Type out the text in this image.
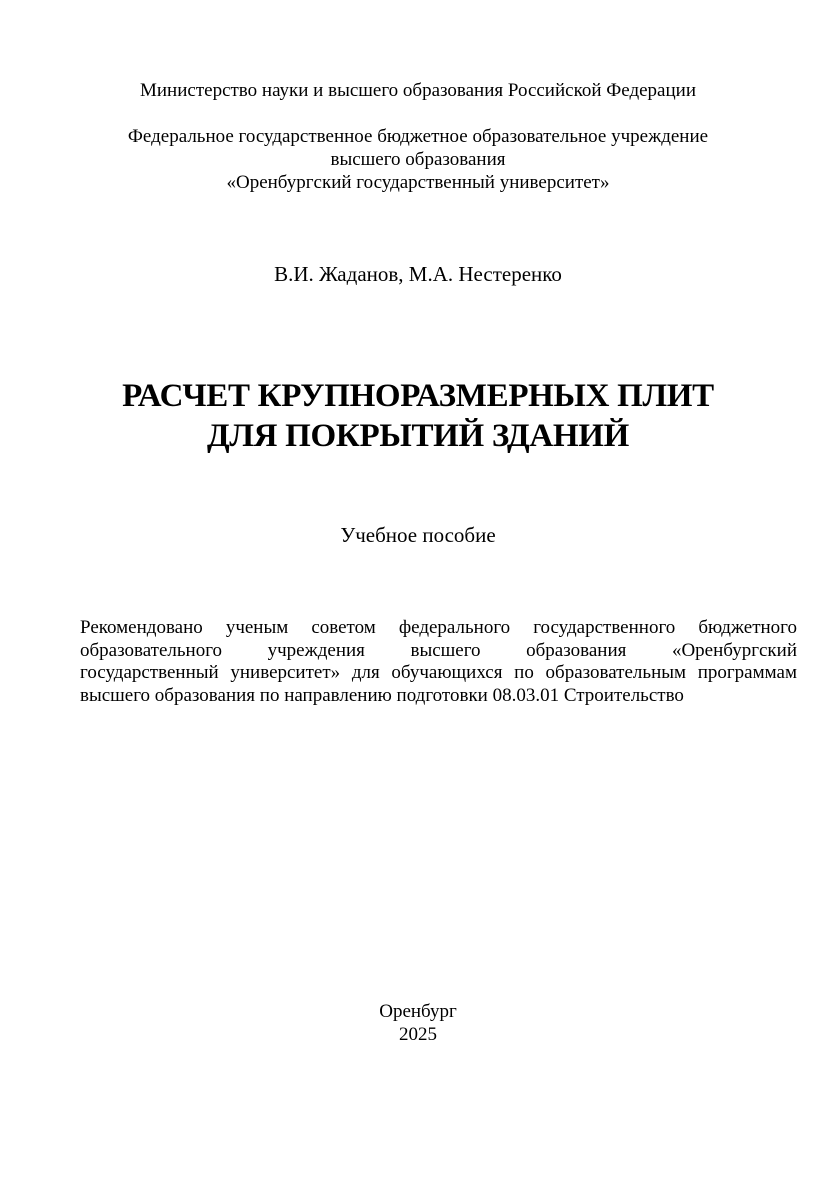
Министерство науки и высшего образования Российской Федерации
Федеральное государственное бюджетное образовательное учреждение
высшего образования
«Оренбургский государственный университет»
В.И. Жаданов, М.А. Нестеренко
РАСЧЕТ КРУПНОРАЗМЕРНЫХ ПЛИТ
ДЛЯ ПОКРЫТИЙ ЗДАНИЙ
Учебное пособие
Рекомендовано ученым советом федерального государственного бюджетного
образовательного учреждения высшего образования «Оренбургский
государственный университет» для обучающихся по образовательным программам
высшего образования по направлению подготовки 08.03.01 Строительство
Оренбург
2025
